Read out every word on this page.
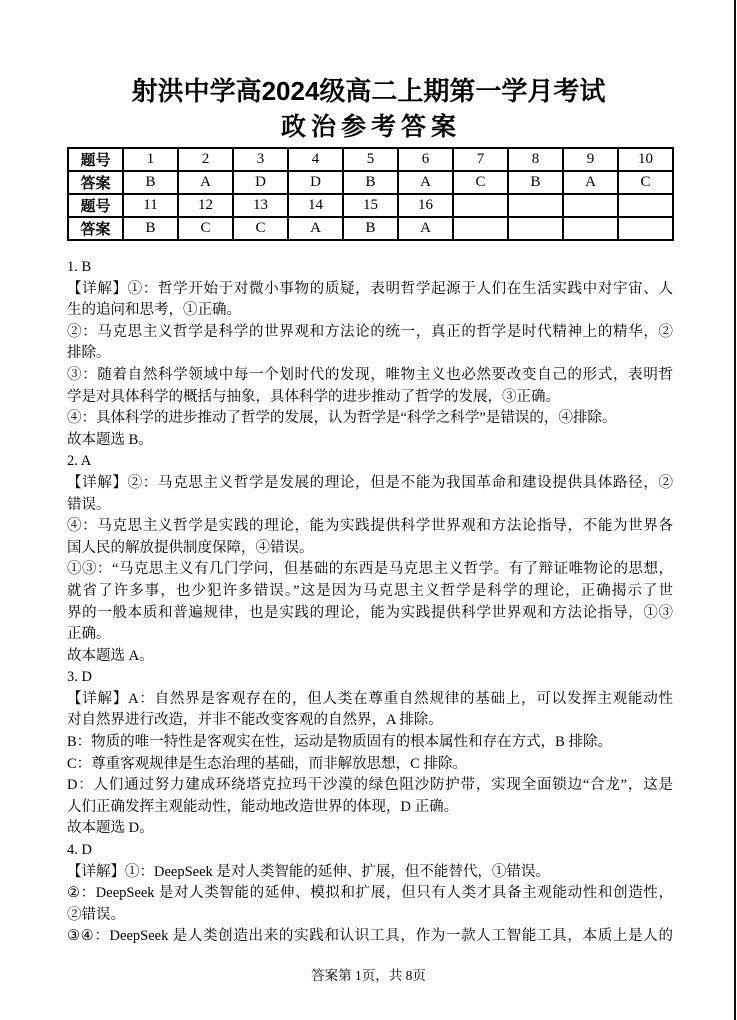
射洪中学高2024级高二上期第一学月考试
政治参考答案
题号	1	2	3	4	5	6	7	8	9	10
答案	B	A	D	D	B	A	C	B	A	C
题号	11	12	13	14	15	16				
答案	B	C	C	A	B	A				
1. B
【详解】①：哲学开始于对微小事物的质疑，表明哲学起源于人们在生活实践中对宇宙、人
生的追问和思考，①正确。
②：马克思主义哲学是科学的世界观和方法论的统一，真正的哲学是时代精神上的精华，②
排除。
③：随着自然科学领域中每一个划时代的发现，唯物主义也必然要改变自己的形式，表明哲
学是对具体科学的概括与抽象，具体科学的进步推动了哲学的发展，③正确。
④：具体科学的进步推动了哲学的发展，认为哲学是“科学之科学”是错误的，④排除。
故本题选 B。
2. A
【详解】②：马克思主义哲学是发展的理论，但是不能为我国革命和建设提供具体路径，②
错误。
④：马克思主义哲学是实践的理论，能为实践提供科学世界观和方法论指导，不能为世界各
国人民的解放提供制度保障，④错误。
①③：“马克思主义有几门学问，但基础的东西是马克思主义哲学。有了辩证唯物论的思想，
就省了许多事，也少犯许多错误。”这是因为马克思主义哲学是科学的理论，正确揭示了世
界的一般本质和普遍规律，也是实践的理论，能为实践提供科学世界观和方法论指导，①③
正确。
故本题选 A。
3. D
【详解】A：自然界是客观存在的，但人类在尊重自然规律的基础上，可以发挥主观能动性
对自然界进行改造，并非不能改变客观的自然界，A 排除。
B：物质的唯一特性是客观实在性，运动是物质固有的根本属性和存在方式，B 排除。
C：尊重客观规律是生态治理的基础，而非解放思想，C 排除。
D：人们通过努力建成环绕塔克拉玛干沙漠的绿色阻沙防护带，实现全面锁边“合龙”，这是
人们正确发挥主观能动性，能动地改造世界的体现，D 正确。
故本题选 D。
4. D
【详解】①：DeepSeek 是对人类智能的延伸、扩展，但不能替代，①错误。
②：DeepSeek 是对人类智能的延伸、模拟和扩展，但只有人类才具备主观能动性和创造性，
②错误。
③④：DeepSeek 是人类创造出来的实践和认识工具，作为一款人工智能工具，本质上是人的
答案第 1页，共 8页
